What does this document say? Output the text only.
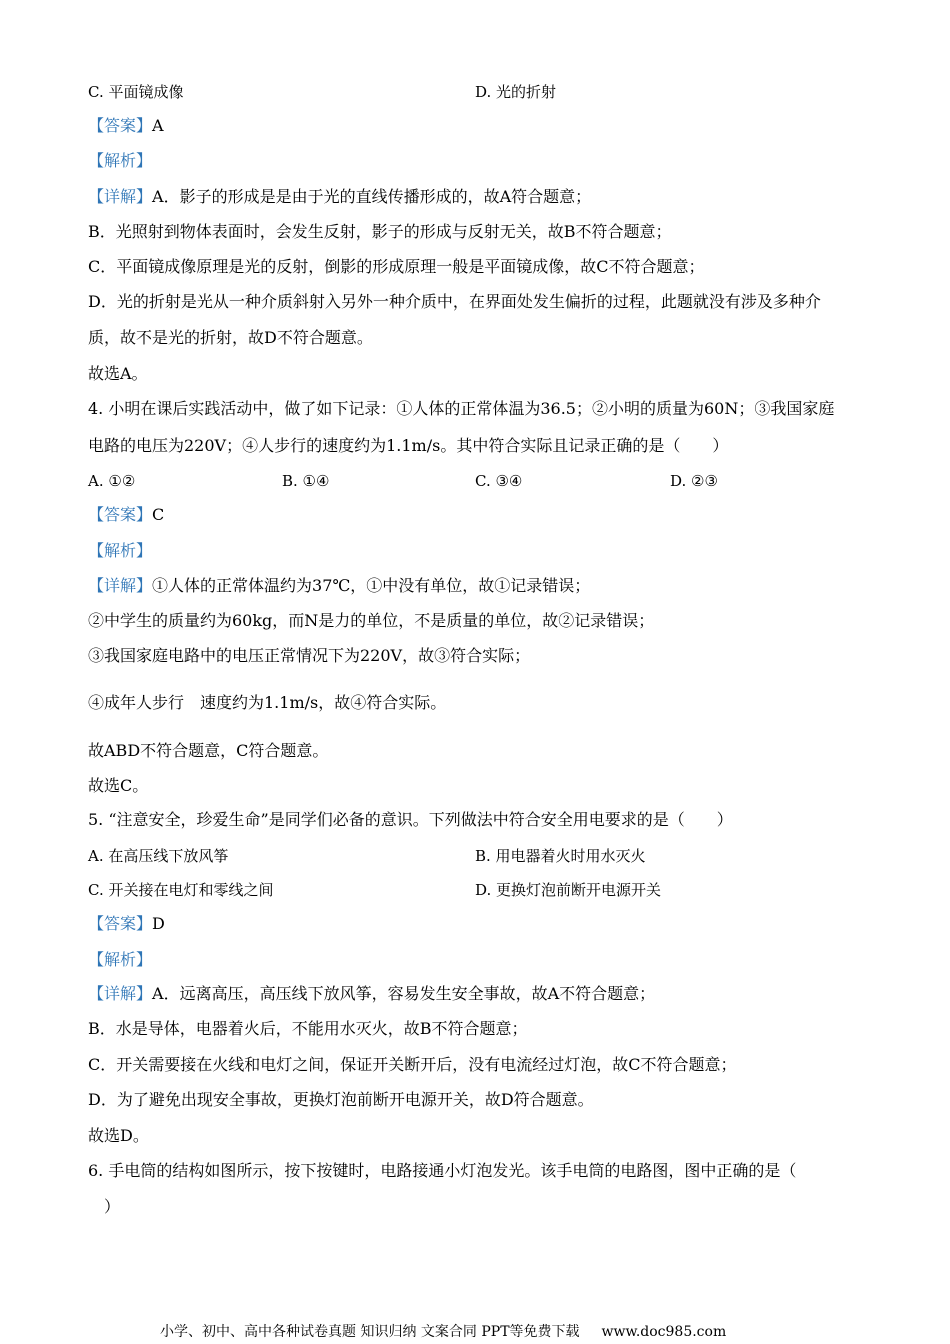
C. 平面镜成像	D. 光的折射
【答案】A
【解析】
【详解】A．影子的形成是是由于光的直线传播形成的，故A符合题意；
B．光照射到物体表面时，会发生反射，影子的形成与反射无关，故B不符合题意；
C．平面镜成像原理是光的反射，倒影的形成原理一般是平面镜成像，故C不符合题意；
D．光的折射是光从一种介质斜射入另外一种介质中，在界面处发生偏折的过程，此题就没有涉及多种介
质，故不是光的折射，故D不符合题意。
故选A。
4. 小明在课后实践活动中，做了如下记录：①人体的正常体温为36.5；②小明的质量为60N；③我国家庭
电路的电压为220V；④人步行的速度约为1.1m/s。其中符合实际且记录正确的是（　　）
A. ①②	B. ①④	C. ③④	D. ②③
【答案】C
【解析】
【详解】①人体的正常体温约为37℃，①中没有单位，故①记录错误；
②中学生的质量约为60kg，而N是力的单位，不是质量的单位，故②记录错误；
③我国家庭电路中的电压正常情况下为220V，故③符合实际；
④成年人步行　速度约为1.1m/s，故④符合实际。
故ABD不符合题意，C符合题意。
故选C。
5. “注意安全，珍爱生命”是同学们必备的意识。下列做法中符合安全用电要求的是（　　）
A. 在高压线下放风筝	B. 用电器着火时用水灭火
C. 开关接在电灯和零线之间	D. 更换灯泡前断开电源开关
【答案】D
【解析】
【详解】A．远离高压，高压线下放风筝，容易发生安全事故，故A不符合题意；
B．水是导体，电器着火后，不能用水灭火，故B不符合题意；
C．开关需要接在火线和电灯之间，保证开关断开后，没有电流经过灯泡，故C不符合题意；
D．为了避免出现安全事故，更换灯泡前断开电源开关，故D符合题意。
故选D。
6. 手电筒的结构如图所示，按下按键时，电路接通小灯泡发光。该手电筒的电路图，图中正确的是（
）
小学、初中、高中各种试卷真题 知识归纳 文案合同 PPT等免费下载 www.doc985.com
